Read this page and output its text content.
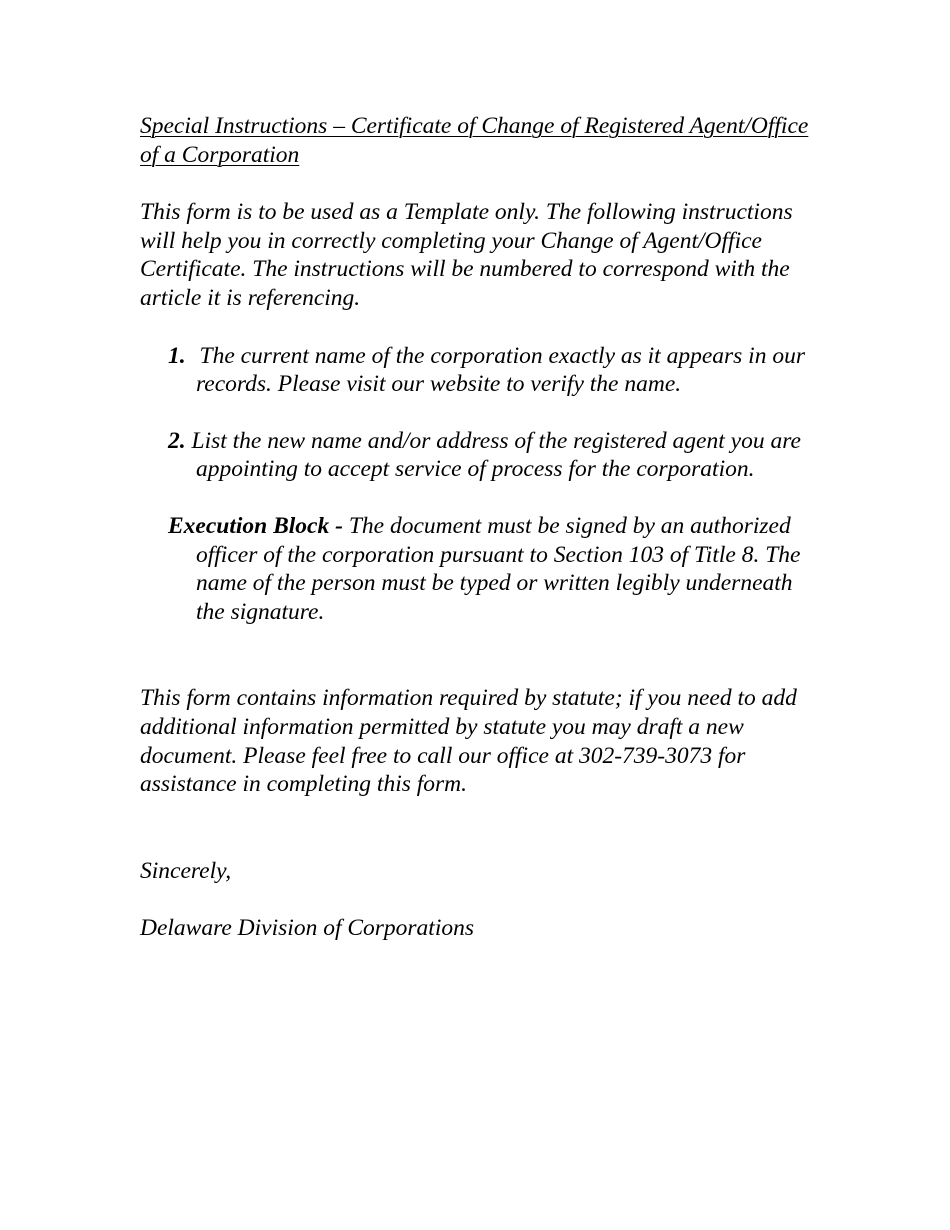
Special Instructions – Certificate of Change of Registered Agent/Office of a Corporation

This form is to be used as a Template only. The following instructions will help you in correctly completing your Change of Agent/Office Certificate. The instructions will be numbered to correspond with the article it is referencing.

1. The current name of the corporation exactly as it appears in our records. Please visit our website to verify the name.
2. List the new name and/or address of the registered agent you are appointing to accept service of process for the corporation.

Execution Block - The document must be signed by an authorized officer of the corporation pursuant to Section 103 of Title 8. The name of the person must be typed or written legibly underneath the signature.

This form contains information required by statute; if you need to add additional information permitted by statute you may draft a new document. Please feel free to call our office at 302-739-3073 for assistance in completing this form.

Sincerely,

Delaware Division of Corporations
